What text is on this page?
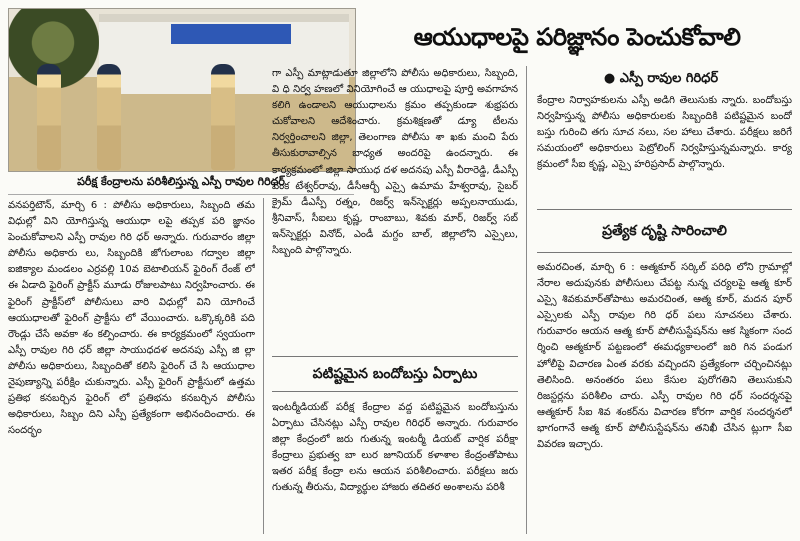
పరీక్ష కేంద్రాలను పరిశీలిస్తున్న ఎస్పీ రావుల గిరిధర్
ఆయుధాలపై పరిజ్ఞానం పెంచుకోవాలి
● ఎస్పీ రావుల గిరిధర్
వనపర్తిటౌన్, మార్చి 6 : పోలీసు అధికారులు, సిబ్బంది తమ విధుల్లో విని యోగిస్తున్న ఆయుధా లపై తప్పక పరి జ్ఞానం పెంచుకోవాలని ఎస్పీ రావుల గిరి ధర్ అన్నారు. గురువారం జిల్లా పోలీసు అధికారు లు, సిబ్బందికి జోగులాంబ గద్వాల జిల్లా ఐజిక్యాల మండలం ఎర్రవల్లి 10వ బెటాలియన్ ఫైరింగ్ రేంజ్ లో ఈ ఏడాది ఫైరింగ్ ప్రాక్టీస్ మూడు రోజులపాటు నిర్వహించారు. ఈ ఫైరింగ్ ప్రాక్టీస్‌లో పోలీసులు వారి విధుల్లో విని యోగించే ఆయుధాలతో ఫైరింగ్ ప్రాక్టీసు లో వేయించారు. ఒక్కొక్కరికి పది రౌండ్లు చేసే అవకా శం కల్పించారు. ఈ కార్యక్రమంలో స్వయంగా ఎస్పీ రావుల గిరి ధర్ జిల్లా సాయుధదళ అదనపు ఎస్పీ జి ల్లా పోలీసు అధికారులు, సిబ్బందితో కలిసి ఫైరింగ్ చే సి ఆయుధాల నైపుణ్యాన్ని పరీక్షిం చుకున్నారు. ఎస్పీ ఫైరింగ్ ప్రాక్టీసులో ఉత్తమ ప్రతిభ కనబర్చిన ఫైరింగ్ లో ప్రతిభను కనబర్చిన పోలీసు అధికారులు, సిబ్బం దిని ఎస్పీ ప్రత్యేకంగా అభినందించారు. ఈ సందర్భం
గా ఎస్పీ మాట్లాడుతూ జిల్లాలోని పోలీసు అధికారులు, సిబ్బంది, వి ధి నిర్వ హణలో వినియోగించే ఆ యుధాలపై పూర్తి అవగాహన కలిగి ఉండాలని ఆయుధాలను క్రమం తప్పకుండా శుభ్రపరు చుకోవాలని ఆదేశించారు. క్రమశిక్షణతో డ్యూ టీలను నిర్వర్తించాలని జిల్లా, తెలంగాణ పోలీసు శా ఖకు మంచి పేరు తీసుకురావాల్సిన బాధ్యత అందరిపై ఉందన్నారు. ఈ కార్యక్రమంలో జిల్లా సాయుధ దళ అదనపు ఎస్పీ వీరారెడ్డి, డీఎస్పీ వెంక టేశ్వర్‌రావు, డీసీఆర్బీ ఎస్సై ఉమామ హేశ్వరావు, సైబర్ క్రైమ్ డీఎస్పీ రత్నం, రిజర్వ్ ఇన్‌స్పెక్టర్లు అప్పలనాయుడు, శ్రీనివాస్, సీఐలు కృష్ణ, రాంబాబు, శివకు మార్, రిజర్వ్ సబ్ ఇన్‌స్పెక్టర్లు వినోద్, ఎండీ మగ్దం బాల్, జిల్లాలోని ఎస్సైలు, సిబ్బంది పాల్గొన్నారు.
పటిష్టమైన బందోబస్తు ఏర్పాటు
ఇంటర్మీడియట్ పరీక్ష కేంద్రాల వద్ద పటిష్టమైన బందోబస్తును ఏర్పాటు చేసినట్లు ఎస్పీ రావుల గిరిధర్ అన్నారు. గురువారం జిల్లా కేంద్రంలో జరు గుతున్న ఇంటర్మీ డియట్ వార్షిక పరీక్షా కేంద్రాలు ప్రభుత్వ బా లుర జూనియర్ కళాశాల కేంద్రంతోపాటు ఇతర పరీక్ష కేంద్రా లను ఆయన పరిశీలించారు. పరీక్షలు జరు గుతున్న తీరును, విద్యార్థుల హాజరు తదితర అంశాలను పరిశీ
కేంద్రాల నిర్వాహకులను ఎస్పీ అడిగి తెలుసుకు న్నారు. బందోబస్తు నిర్వహిస్తున్న పోలీసు అధికారులకు సిబ్బందికి పటిష్టమైన బందో బస్తు గురించి తగు సూచ నలు, సల హాలు చేశారు. పరీక్షలు జరిగే సమయంలో అధికారులు పెట్రోలింగ్ నిర్వహిస్తున్నమన్నారు. కార్య క్రమంలో సీఐ కృష్ణ, ఎస్సై హరిప్రసాద్ పాల్గొన్నారు.
ప్రత్యేక దృష్టి సారించాలి
అమరచింత, మార్చి 6 : ఆత్మకూర్ సర్కిల్ పరిధి లోని గ్రామాల్లో నేరాల అదుపునకు పోలీసులు చేపట్ట నున్న చర్యలపై ఆత్మ కూర్ ఎస్సై శివకుమార్‌తోపాటు అమరచింత, ఆత్మ కూర్, మదన పూర్ ఎస్సైలకు ఎస్పీ రావుల గిరి ధర్ పలు సూచనలు చేశారు. గురువారం ఆయన ఆత్మ కూర్ పోలీసుస్టేషన్‌ను ఆక స్మికంగా సంద ర్శించి ఆత్మకూర్ పట్టణంలో ఈమధ్యకాలంలో జరి గిన పండుగ హోలీపై విచారణ ఏంత వరకు వచ్చిందని ప్రత్యేకంగా చర్చించినట్లు తెలిసింది. అనంతరం పలు కేసుల పురోగతిని తెలుసుకుని రిజస్టర్లను పరిశీలిం చారు. ఎస్పీ రావుల గిరి ధర్ సందర్శనపై ఆత్మకూర్ సీఐ శివ శంకర్‌ను విచారణ కోరగా వార్షిక సందర్శనలో భాగంగానే ఆత్మ కూర్ పోలీసుస్టేషన్‌ను తనిఖీ చేసిన ట్లుగా సీఐ వివరణ ఇచ్చారు.
